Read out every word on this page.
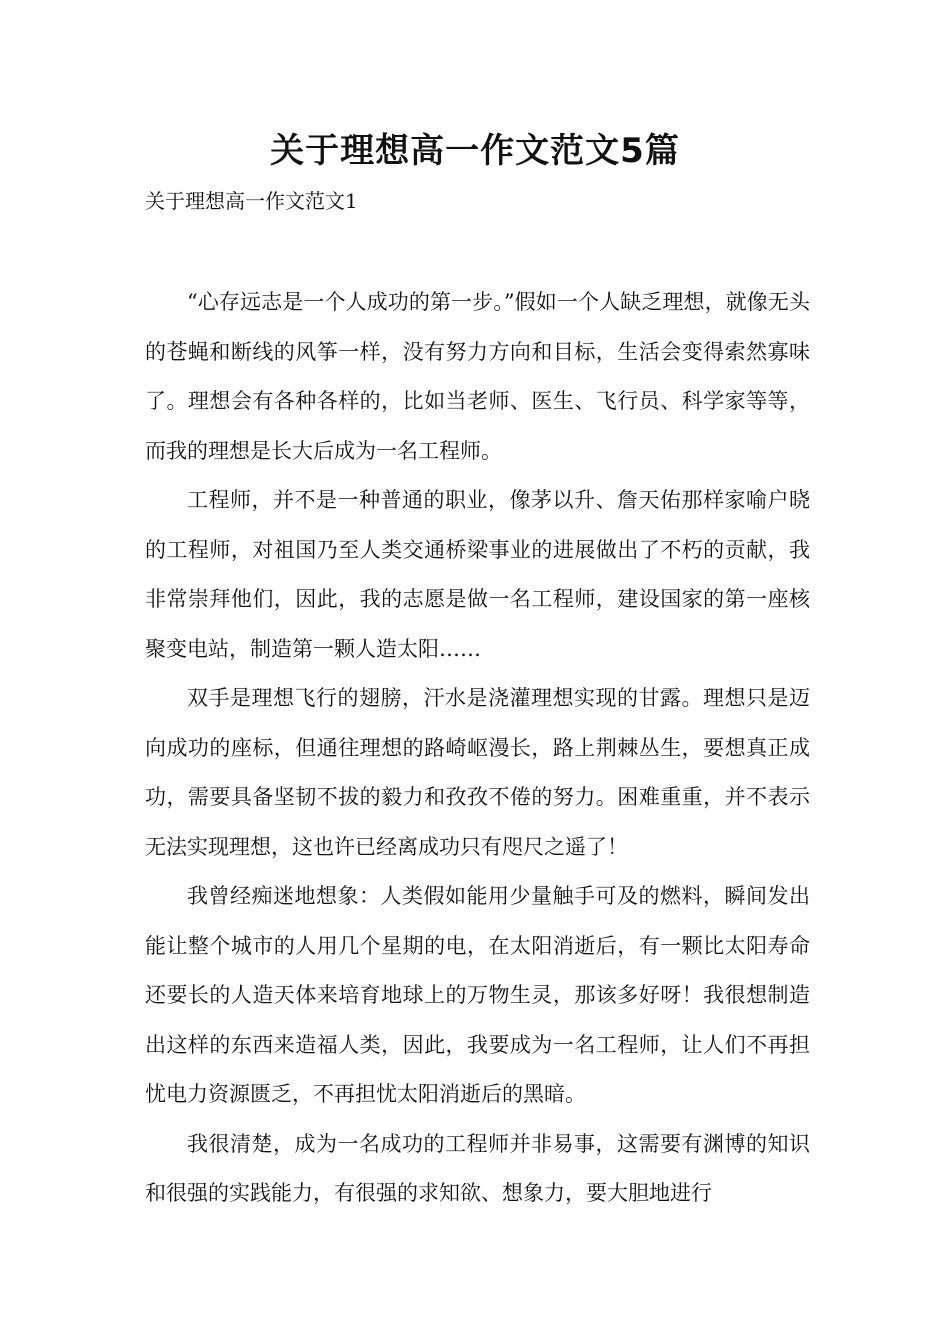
关于理想高一作文范文5篇

关于理想高一作文范文1

“心存远志是一个人成功的第一步。”假如一个人缺乏理想，就像无头的苍蝇和断线的风筝一样，没有努力方向和目标，生活会变得索然寡味了。理想会有各种各样的，比如当老师、医生、飞行员、科学家等等，而我的理想是长大后成为一名工程师。

工程师，并不是一种普通的职业，像茅以升、詹天佑那样家喻户晓的工程师，对祖国乃至人类交通桥梁事业的进展做出了不朽的贡献，我非常崇拜他们，因此，我的志愿是做一名工程师，建设国家的第一座核聚变电站，制造第一颗人造太阳……

双手是理想飞行的翅膀，汗水是浇灌理想实现的甘露。理想只是迈向成功的座标，但通往理想的路崎岖漫长，路上荆棘丛生，要想真正成功，需要具备坚韧不拔的毅力和孜孜不倦的努力。困难重重，并不表示无法实现理想，这也许已经离成功只有咫尺之遥了！

我曾经痴迷地想象：人类假如能用少量触手可及的燃料，瞬间发出能让整个城市的人用几个星期的电，在太阳消逝后，有一颗比太阳寿命还要长的人造天体来培育地球上的万物生灵，那该多好呀！我很想制造出这样的东西来造福人类，因此，我要成为一名工程师，让人们不再担忧电力资源匮乏，不再担忧太阳消逝后的黑暗。

我很清楚，成为一名成功的工程师并非易事，这需要有渊博的知识和很强的实践能力，有很强的求知欲、想象力，要大胆地进行
